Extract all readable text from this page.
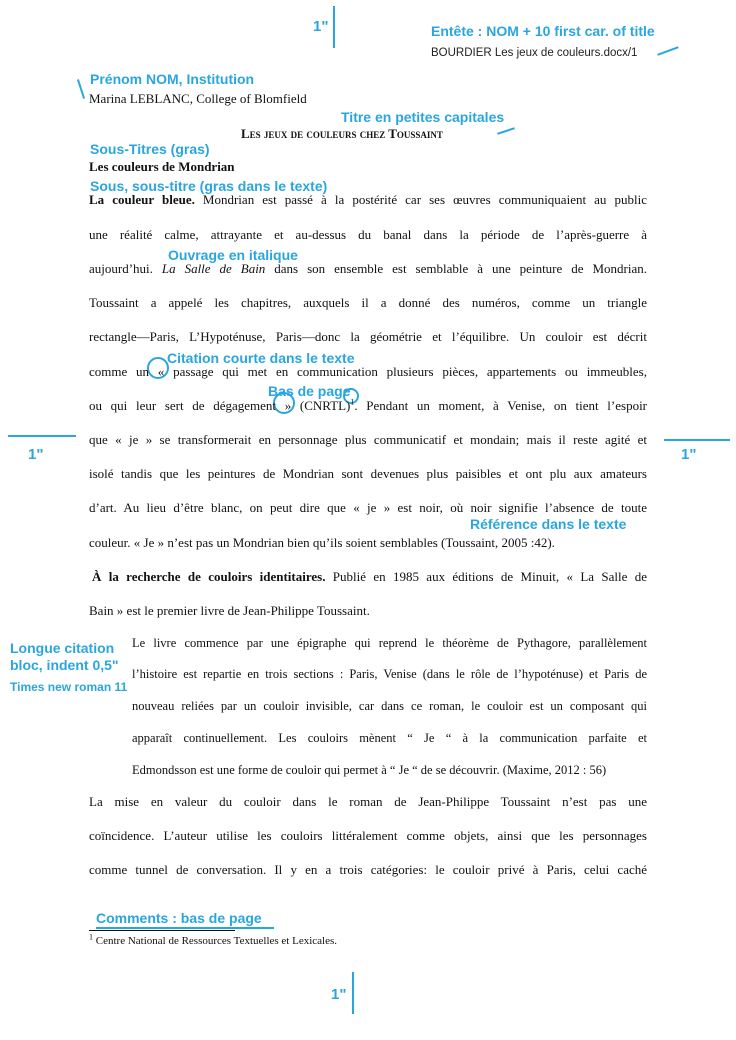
1"	Entête : NOM + 10 first car. of title
Prénom NOM, Institution
Titre en petites capitales
Sous-Titres (gras)
Sous, sous-titre (gras dans le texte)
Ouvrage en italique
Citation courte dans le texte
Bas de page
1"	1"
Référence dans le texte
Longue citation
bloc, indent 0,5"
Times new roman 11
Comments : bas de page
1"
BOURDIER Les jeux de couleurs.docx/1
Marina LEBLANC, College of Blomfield
Les jeux de couleurs chez Toussaint
Les couleurs de Mondrian
La couleur bleue. Mondrian est passé à la postérité car ses œuvres communiquaient au public
une réalité calme, attrayante et au-dessus du banal dans la période de l’après-guerre à
aujourd’hui. La Salle de Bain dans son ensemble est semblable à une peinture de Mondrian.
Toussaint a appelé les chapitres, auxquels il a donné des numéros, comme un triangle
rectangle—Paris, L’Hypoténuse, Paris—donc la géométrie et l’équilibre. Un couloir est décrit
comme un « passage qui met en communication plusieurs pièces, appartements ou immeubles,
ou qui leur sert de dégagement » (CNRTL)$^1$. Pendant un moment, à Venise, on tient l’espoir
que « je » se transformerait en personnage plus communicatif et mondain; mais il reste agité et
isolé tandis que les peintures de Mondrian sont devenues plus paisibles et ont plu aux amateurs
d’art. Au lieu d’être blanc, on peut dire que « je » est noir, où noir signifie l’absence de toute
couleur. « Je » n’est pas un Mondrian bien qu’ils soient semblables (Toussaint, 2005 :42).
À la recherche de couloirs identitaires. Publié en 1985 aux éditions de Minuit, « La Salle de
Bain » est le premier livre de Jean-Philippe Toussaint.
Le livre commence par une épigraphe qui reprend le théorème de Pythagore, parallèlement
l’histoire est repartie en trois sections : Paris, Venise (dans le rôle de l’hypoténuse) et Paris de
nouveau reliées par un couloir invisible, car dans ce roman, le couloir est un composant qui
apparaît continuellement. Les couloirs mènent “ Je “ à la communication parfaite et
Edmondsson est une forme de couloir qui permet à “ Je “ de se découvrir. (Maxime, 2012 : 56)
La mise en valeur du couloir dans le roman de Jean-Philippe Toussaint n’est pas une
coïncidence. L’auteur utilise les couloirs littéralement comme objets, ainsi que les personnages
comme tunnel de conversation. Il y en a trois catégories: le couloir privé à Paris, celui caché
$^1$ Centre National de Ressources Textuelles et Lexicales.
